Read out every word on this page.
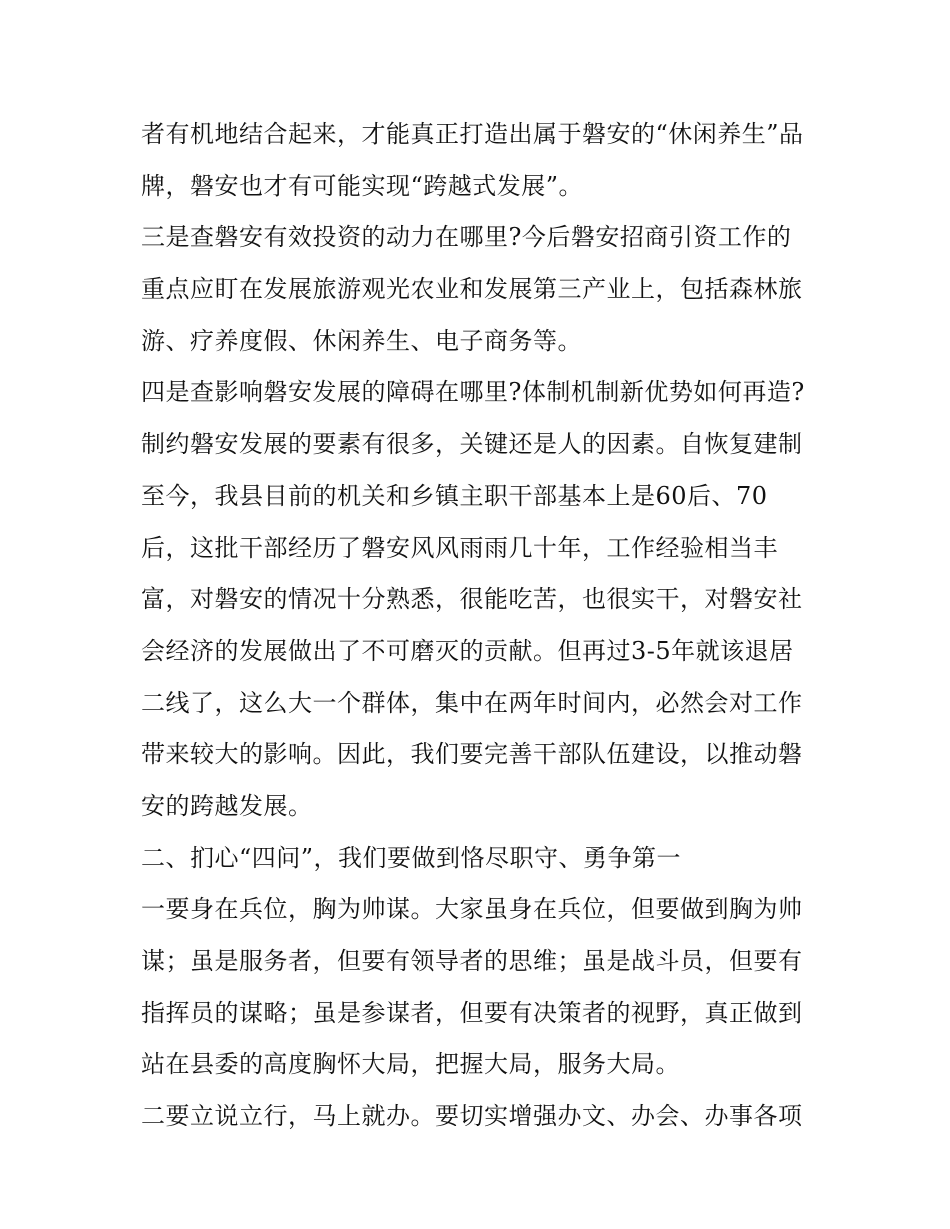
者有机地结合起来，才能真正打造出属于磐安的“休闲养生”品
牌，磐安也才有可能实现“跨越式发展”。
三是查磐安有效投资的动力在哪里?今后磐安招商引资工作的
重点应盯在发展旅游观光农业和发展第三产业上，包括森林旅
游、疗养度假、休闲养生、电子商务等。
四是查影响磐安发展的障碍在哪里?体制机制新优势如何再造?
制约磐安发展的要素有很多，关键还是人的因素。自恢复建制
至今，我县目前的机关和乡镇主职干部基本上是60后、70
后，这批干部经历了磐安风风雨雨几十年，工作经验相当丰
富，对磐安的情况十分熟悉，很能吃苦，也很实干，对磐安社
会经济的发展做出了不可磨灭的贡献。但再过3-5年就该退居
二线了，这么大一个群体，集中在两年时间内，必然会对工作
带来较大的影响。因此，我们要完善干部队伍建设，以推动磐
安的跨越发展。
二、扪心“四问”，我们要做到恪尽职守、勇争第一
一要身在兵位，胸为帅谋。大家虽身在兵位，但要做到胸为帅
谋；虽是服务者，但要有领导者的思维；虽是战斗员，但要有
指挥员的谋略；虽是参谋者，但要有决策者的视野，真正做到
站在县委的高度胸怀大局，把握大局，服务大局。
二要立说立行，马上就办。要切实增强办文、办会、办事各项
